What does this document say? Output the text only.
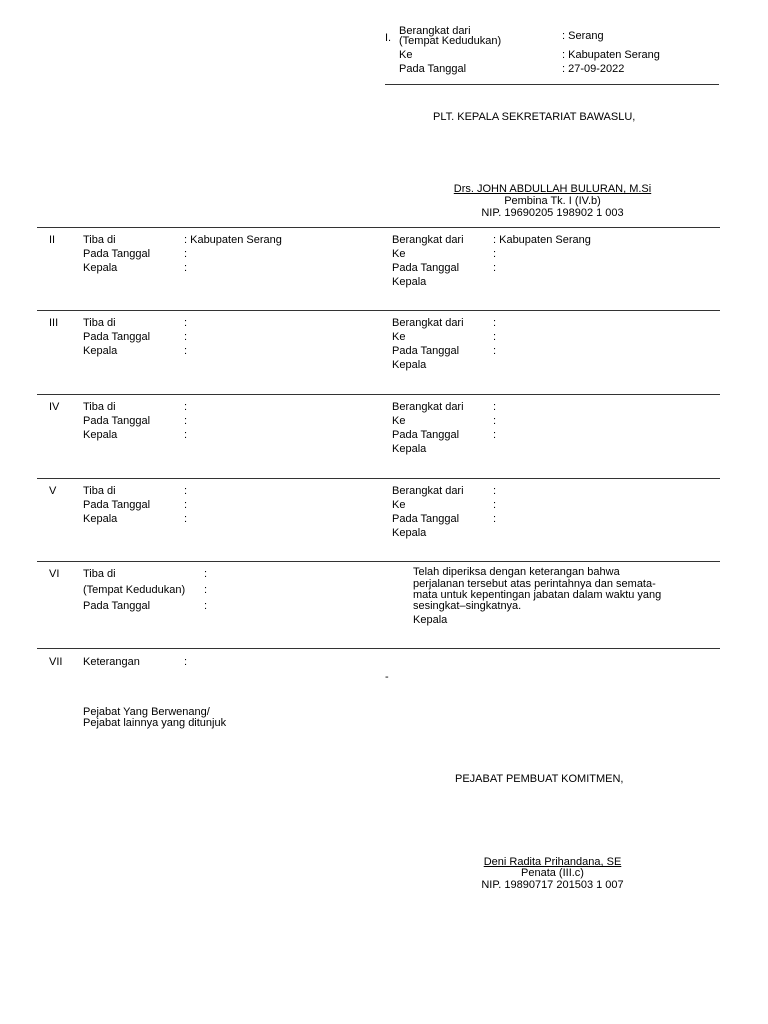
I.
Berangkat dari
(Tempat Kedudukan)	: Serang
Ke	: Kabupaten Serang
Pada Tanggal	: 27-09-2022
PLT. KEPALA SEKRETARIAT BAWASLU,
Drs. JOHN ABDULLAH BULURAN, M.Si
Pembina Tk. I (IV.b)
NIP. 19690205 198902 1 003
II	Tiba di	: Kabupaten Serang
Pada Tanggal	:
Kepala	:
Berangkat dari	: Kabupaten Serang
Ke	:
Pada Tanggal	:
Kepala
III Tiba di	:
Pada Tanggal	:
Kepala	:
Berangkat dari	:
Ke	:
Pada Tanggal	:
Kepala
IV Tiba di	:
Pada Tanggal	:
Kepala	:
Berangkat dari	:
Ke	:
Pada Tanggal	:
Kepala
V Tiba di	:
Pada Tanggal	:
Kepala	:
Berangkat dari	:
Ke	:
Pada Tanggal	:
Kepala
VI Tiba di	:
(Tempat Kedudukan) :
Pada Tanggal	:
Telah diperiksa dengan keterangan bahwa
perjalanan tersebut atas perintahnya dan semata-
mata untuk kepentingan jabatan dalam waktu yang
sesingkat–singkatnya.
Kepala
VII Keterangan	:
-
Pejabat Yang Berwenang/
Pejabat lainnya yang ditunjuk
PEJABAT PEMBUAT KOMITMEN,
Deni Radita Prihandana, SE
Penata (III.c)
NIP. 19890717 201503 1 007
